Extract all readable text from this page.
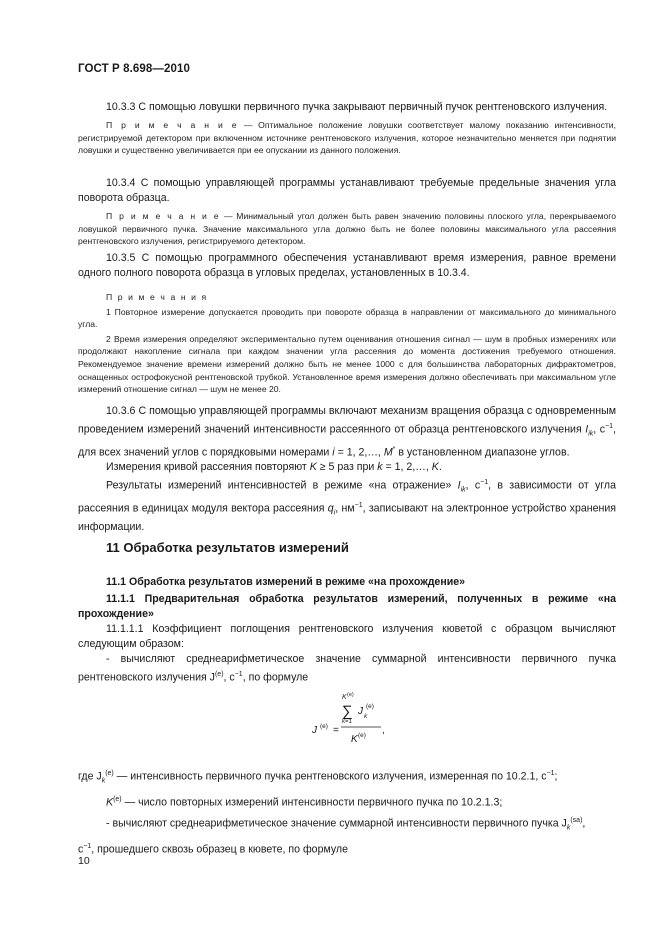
ГОСТ Р 8.698—2010

10.3.3 С помощью ловушки первичного пучка закрывают первичный пучок рентгеновского излучения.

П р и м е ч а н и е — Оптимальное положение ловушки соответствует малому показанию интенсивности, регистрируемой детектором при включенном источнике рентгеновского излучения, которое незначительно меняется при поднятии ловушки и существенно увеличивается при ее опускании из данного положения.

10.3.4 С помощью управляющей программы устанавливают требуемые предельные значения угла поворота образца.

П р и м е ч а н и е — Минимальный угол должен быть равен значению половины плоского угла, перекрываемого ловушкой первичного пучка. Значение максимального угла должно быть не более половины максимального угла рассеяния рентгеновского излучения, регистрируемого детектором.

10.3.5 С помощью программного обеспечения устанавливают время измерения, равное времени одного полного поворота образца в угловых пределах, установленных в 10.3.4.

П р и м е ч а н и я

1 Повторное измерение допускается проводить при повороте образца в направлении от максимального до минимального угла.

2 Время измерения определяют экспериментально путем оценивания отношения сигнал — шум в пробных измерениях или продолжают накопление сигнала при каждом значении угла рассеяния до момента достижения требуемого отношения. Рекомендуемое значение времени измерений должно быть не менее 1000 с для большинства лабораторных дифрактометров, оснащенных острофокусной рентгеновской трубкой. Установленное время измерения должно обеспечивать при максимальном угле измерений отношение сигнал — шум не менее 20.

10.3.6 С помощью управляющей программы включают механизм вращения образца с одновременным проведением измерений значений интенсивности рассеянного от образца рентгеновского излучения $I_{ik}$, $с^{-1}$, для всех значений углов с порядковыми номерами i = 1, 2,…, M* в установленном диапазоне углов.

Измерения кривой рассеяния повторяют K ≥ 5 раз при k = 1, 2,…, K.

Результаты измерений интенсивностей в режиме «на отражение» $I_{ik}$, $с^{-1}$, в зависимости от угла рассеяния в единицах модуля вектора рассеяния $q_i$, $нм^{-1}$, записывают на электронное устройство хранения информации.

11 Обработка результатов измерений

11.1 Обработка результатов измерений в режиме «на прохождение»

11.1.1 Предварительная обработка результатов измерений, полученных в режиме «на прохождение»

11.1.1.1 Коэффициент поглощения рентгеновского излучения кюветой с образцом вычисляют следующим образом:

- вычисляют среднеарифметическое значение суммарной интенсивности первичного пучка рентгеновского излучения $J^{(e)}$, $с^{-1}$, по формуле

J (e) =
K (e)
∑
k=1
J k
(e)
K (e) ,

где $J_k^{(e)}$ — интенсивность первичного пучка рентгеновского излучения, измеренная по 10.2.1, $с^{-1}$;

$K^{(e)}$ — число повторных измерений интенсивности первичного пучка по 10.2.1.3;

- вычисляют среднеарифметическое значение суммарной интенсивности первичного пучка $J_k^{(sa)}$,

$с^{-1}$, прошедшего сквозь образец в кювете, по формуле

10
